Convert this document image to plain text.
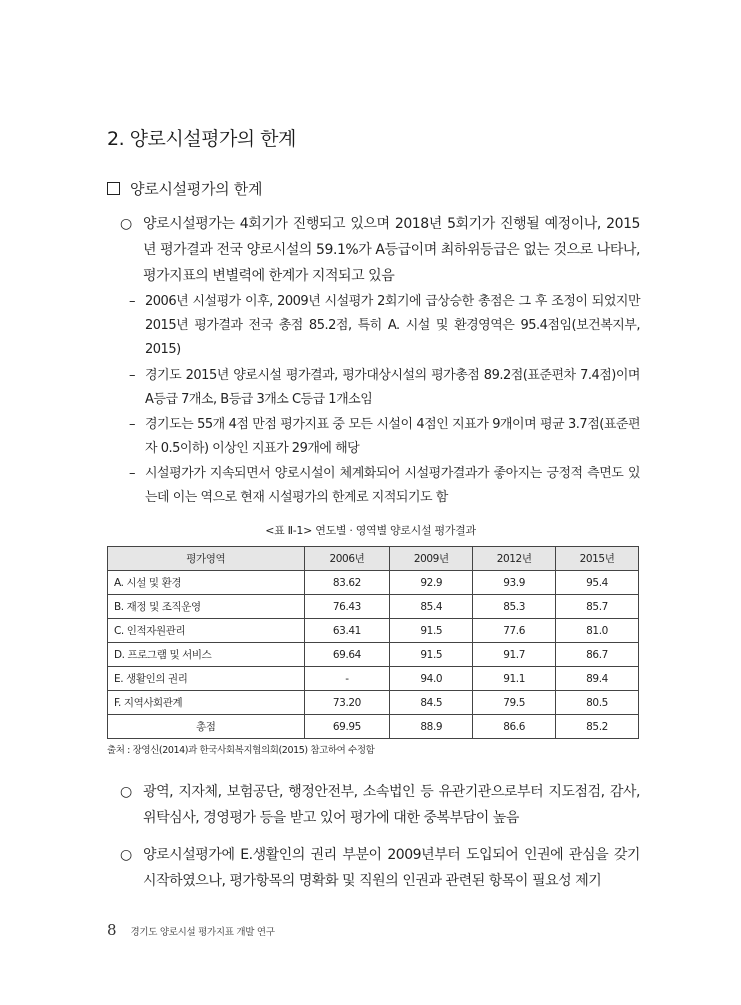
2. 양로시설평가의 한계
양로시설평가의 한계
○ 양로시설평가는 4회기가 진행되고 있으며 2018년 5회기가 진행될 예정이나, 2015년 평가결과 전국 양로시설의 59.1%가 A등급이며 최하위등급은 없는 것으로 나타나, 평가지표의 변별력에 한계가 지적되고 있음
– 2006년 시설평가 이후, 2009년 시설평가 2회기에 급상승한 총점은 그 후 조정이 되었지만 2015년 평가결과 전국 총점 85.2점, 특히 A. 시설 및 환경영역은 95.4점임(보건복지부, 2015)
– 경기도 2015년 양로시설 평가결과, 평가대상시설의 평가총점 89.2점(표준편차 7.4점)이며 A등급 7개소, B등급 3개소 C등급 1개소임
– 경기도는 55개 4점 만점 평가지표 중 모든 시설이 4점인 지표가 9개이며 평균 3.7점(표준편자 0.5이하) 이상인 지표가 29개에 해당
– 시설평가가 지속되면서 양로시설이 체계화되어 시설평가결과가 좋아지는 긍정적 측면도 있는데 이는 역으로 현재 시설평가의 한계로 지적되기도 함
<표 Ⅱ-1> 연도별 · 영역별 양로시설 평가결과
평가영역	2006년	2009년	2012년	2015년
A. 시설 및 환경	83.62	92.9	93.9	95.4
B. 재정 및 조직운영	76.43	85.4	85.3	85.7
C. 인적자원관리	63.41	91.5	77.6	81.0
D. 프로그램 및 서비스	69.64	91.5	91.7	86.7
E. 생활인의 권리	-	94.0	91.1	89.4
F. 지역사회관계	73.20	84.5	79.5	80.5
총점	69.95	88.9	86.6	85.2
출처 : 장영신(2014)과 한국사회복지협의회(2015) 참고하여 수정함
○ 광역, 지자체, 보험공단, 행정안전부, 소속법인 등 유관기관으로부터 지도점검, 감사, 위탁심사, 경영평가 등을 받고 있어 평가에 대한 중복부담이 높음
○ 양로시설평가에 E.생활인의 권리 부분이 2009년부터 도입되어 인권에 관심을 갖기 시작하였으나, 평가항목의 명확화 및 직원의 인권과 관련된 항목이 필요성 제기
8 경기도 양로시설 평가지표 개발 연구
